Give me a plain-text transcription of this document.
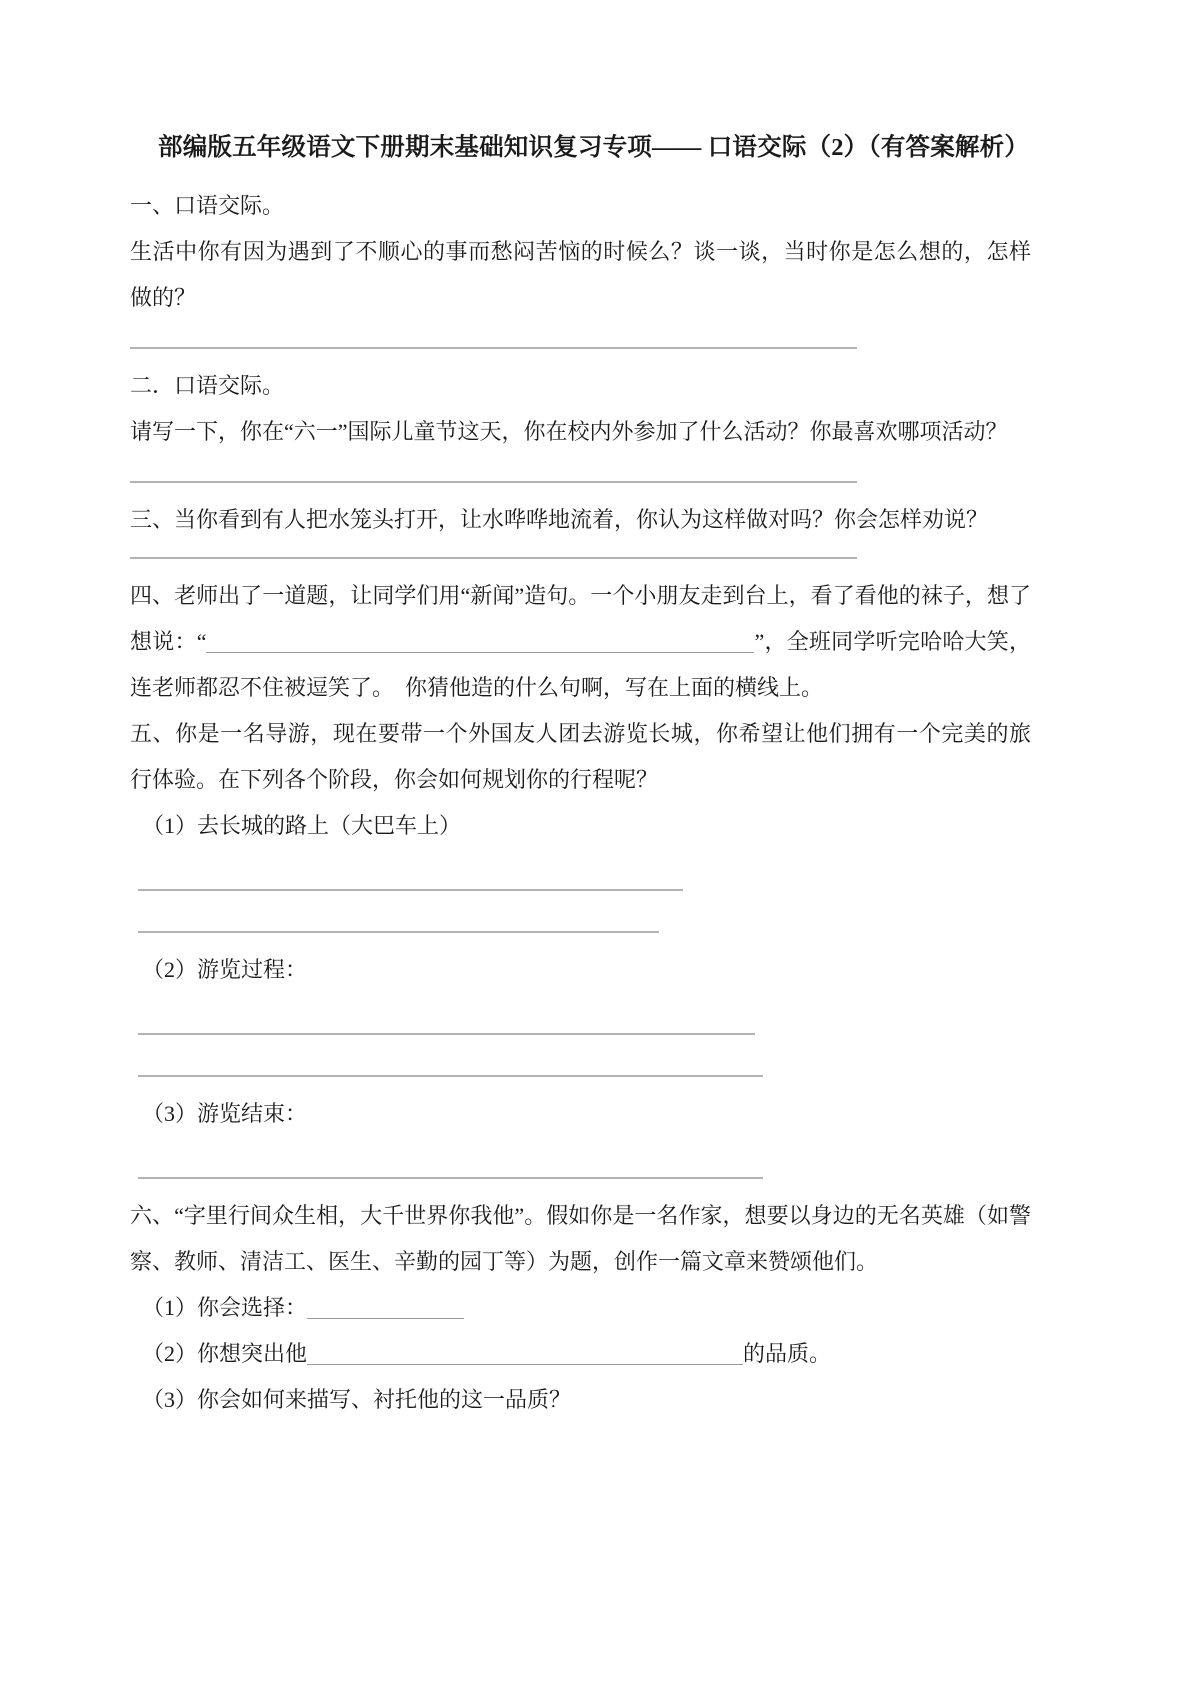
部编版五年级语文下册期末基础知识复习专项—— 口语交际（2）（有答案解析）

一、口语交际。

生活中你有因为遇到了不顺心的事而愁闷苦恼的时候么？谈一谈，当时你是怎么想的，怎样做的？

二．口语交际。

请写一下，你在“六一”国际儿童节这天，你在校内外参加了什么活动？你最喜欢哪项活动？

三、当你看到有人把水笼头打开，让水哗哗地流着，你认为这样做对吗？你会怎样劝说？

四、老师出了一道题，让同学们用“新闻”造句。一个小朋友走到台上，看了看他的袜子，想了想说：“	”，全班同学听完哈哈大笑，连老师都忍不住被逗笑了。　你猜他造的什么句啊，写在上面的横线上。

五、你是一名导游，现在要带一个外国友人团去游览长城，你希望让他们拥有一个完美的旅行体验。在下列各个阶段，你会如何规划你的行程呢？

（1）去长城的路上（大巴车上）

（2）游览过程：

（3）游览结束：

六、“字里行间众生相，大千世界你我他”。假如你是一名作家，想要以身边的无名英雄（如警察、教师、清洁工、医生、辛勤的园丁等）为题，创作一篇文章来赞颂他们。

（1）你会选择：

（2）你想突出他	的品质。

（3）你会如何来描写、衬托他的这一品质？
